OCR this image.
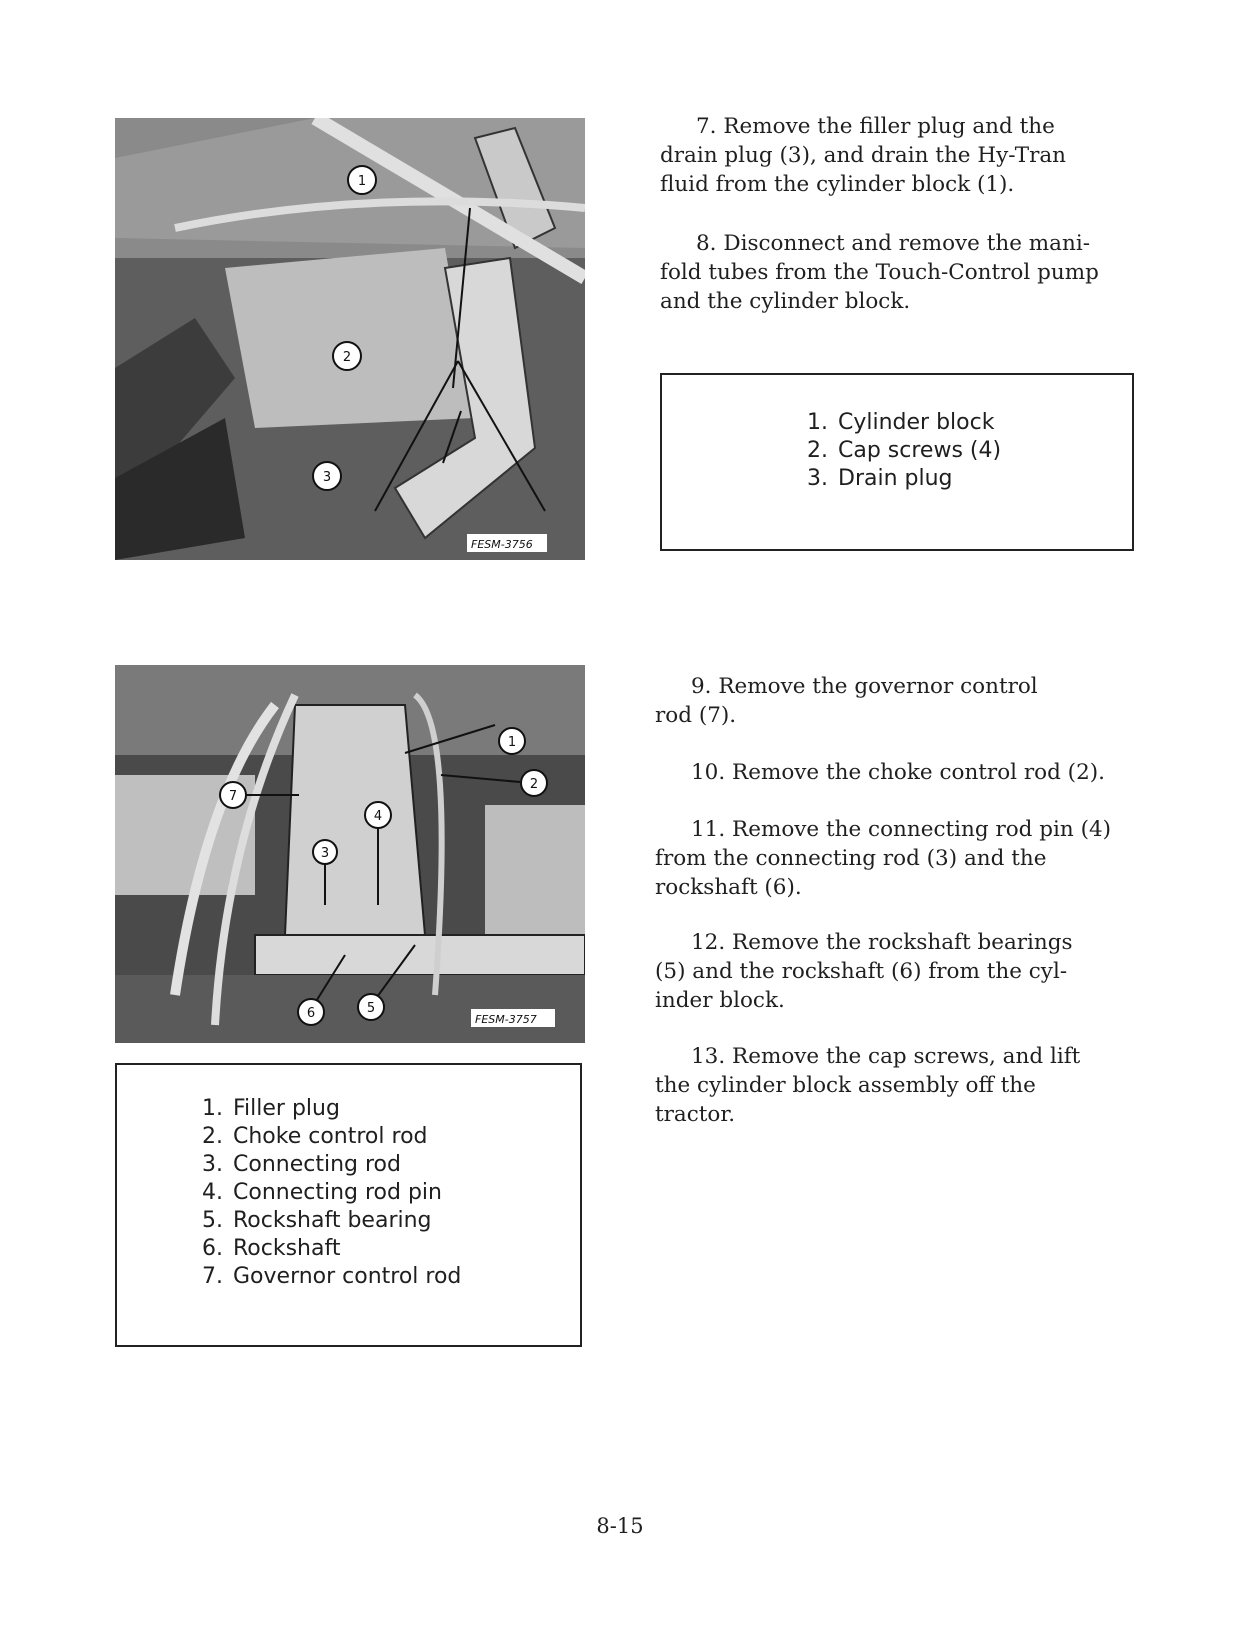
1
2
3
FESM-3756
1. Cylinder block
2. Cap screws (4)
3. Drain plug

7. Remove the filler plug and the
drain plug (3), and drain the Hy-Tran
fluid from the cylinder block (1).

8. Disconnect and remove the mani-
fold tubes from the Touch-Control pump
and the cylinder block.

1
2
3
4
5
6
7
FESM-3757
1. Filler plug
2. Choke control rod
3. Connecting rod
4. Connecting rod pin
5. Rockshaft bearing
6. Rockshaft
7. Governor control rod

9. Remove the governor control
rod (7).

10. Remove the choke control rod (2).

11. Remove the connecting rod pin (4)
from the connecting rod (3) and the
rockshaft (6).

12. Remove the rockshaft bearings
(5) and the rockshaft (6) from the cyl-
inder block.

13. Remove the cap screws, and lift
the cylinder block assembly off the
tractor.

8-15
